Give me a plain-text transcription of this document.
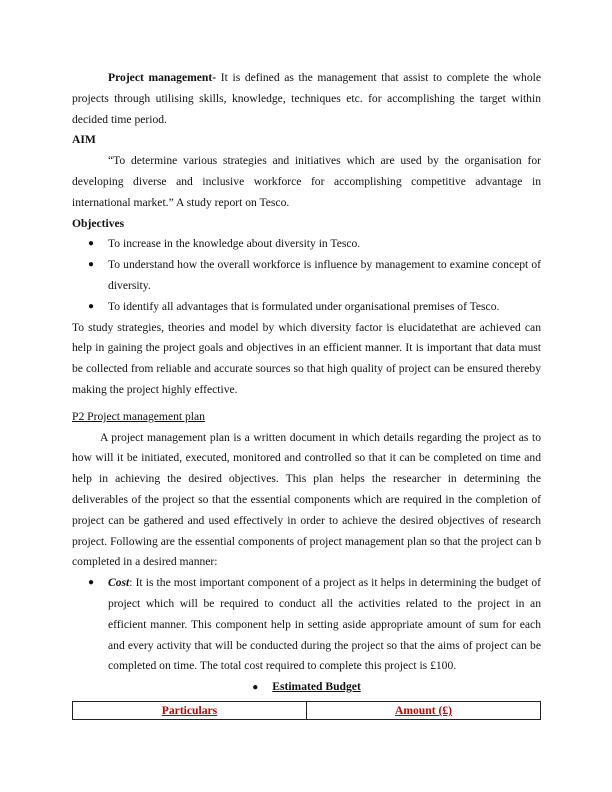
Project management- It is defined as the management that assist to complete the whole projects through utilising skills, knowledge, techniques etc. for accomplishing the target within decided time period.

AIM

“To determine various strategies and initiatives which are used by the organisation for developing diverse and inclusive workforce for accomplishing competitive advantage in international market.” A study report on Tesco.

Objectives
● To increase in the knowledge about diversity in Tesco.
● To understand how the overall workforce is influence by management to examine concept of diversity.
● To identify all advantages that is formulated under organisational premises of Tesco.

To study strategies, theories and model by which diversity factor is elucidatethat are achieved can help in gaining the project goals and objectives in an efficient manner. It is important that data must be collected from reliable and accurate sources so that high quality of project can be ensured thereby making the project highly effective.

P2 Project management plan

A project management plan is a written document in which details regarding the project as to how will it be initiated, executed, monitored and controlled so that it can be completed on time and help in achieving the desired objectives. This plan helps the researcher in determining the deliverables of the project so that the essential components which are required in the completion of project can be gathered and used effectively in order to achieve the desired objectives of research project. Following are the essential components of project management plan so that the project can b completed in a desired manner:

● Cost: It is the most important component of a project as it helps in determining the budget of project which will be required to conduct all the activities related to the project in an efficient manner. This component help in setting aside appropriate amount of sum for each and every activity that will be conducted during the project so that the aims of project can be completed on time. The total cost required to complete this project is £100.
● Estimated Budget
Particulars	Amount (£)
